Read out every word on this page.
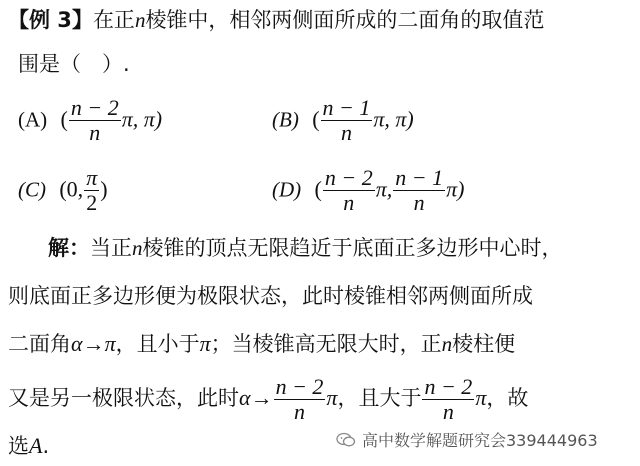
【例 3】在正n棱锥中，相邻两侧面所成的二面角的取值范
围是（　）.
(A) ( $\frac{n - 2}{n} \pi$, π)	(B) ( $\frac{n - 1}{n} \pi$, π)
(C) (0, $\frac{\pi}{2}$ )	(D) ( $\frac{n - 2}{n} \pi$, $\frac{n - 1}{n} \pi$)
解：当正n棱锥的顶点无限趋近于底面正多边形中心时，
则底面正多边形便为极限状态，此时棱锥相邻两侧面所成
二面角α→π，且小于π；当棱锥高无限大时，正n棱柱便
又是另一极限状态，此时$\alpha\to \frac{n - 2}{n}$ π，且大于 $\frac{n - 2}{n}$ π，故
选A.	高中数学解题研究会339444963
